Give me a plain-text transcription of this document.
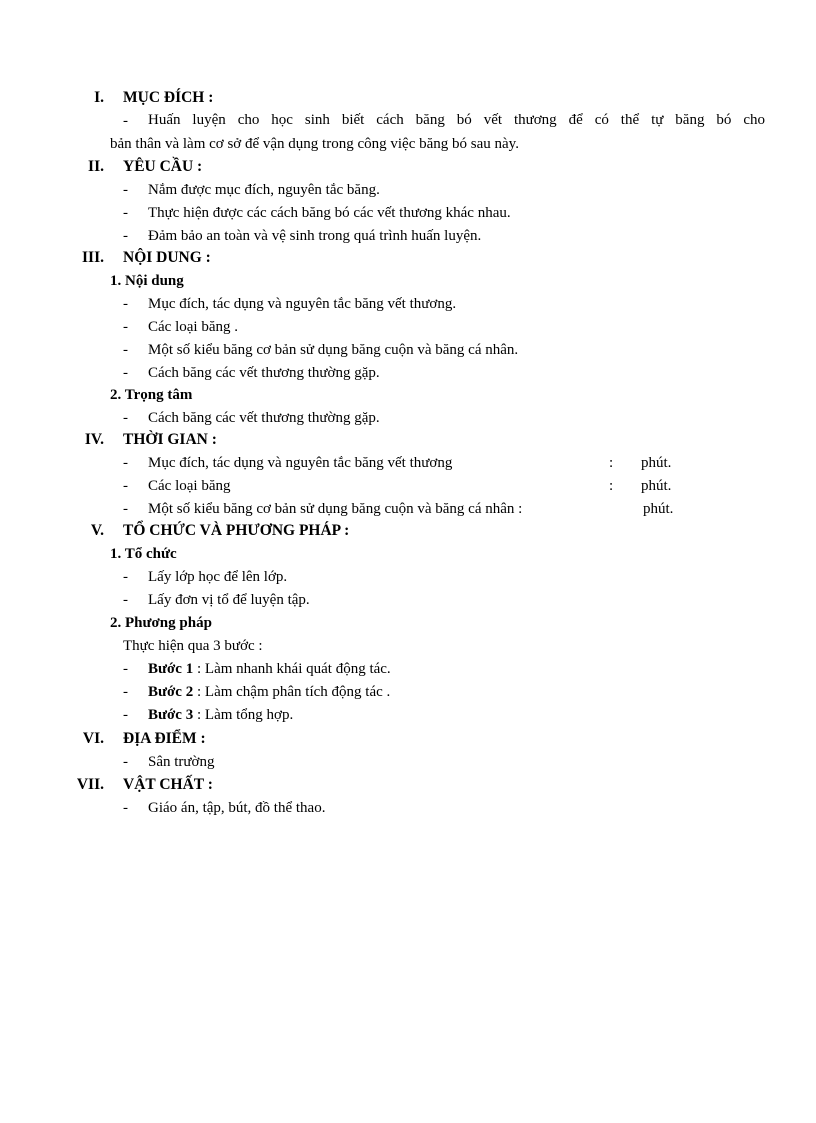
I. MỤC ĐÍCH :
- Huấn luyện cho học sinh biết cách băng bó vết thương để có thể tự băng bó cho
bản thân và làm cơ sở để vận dụng trong công việc băng bó sau này.
II. YÊU CẦU :
- Nắm được mục đích, nguyên tắc băng.
- Thực hiện được các cách băng bó các vết thương khác nhau.
- Đảm bảo an toàn và vệ sinh trong quá trình huấn luyện.
III. NỘI DUNG :
1. Nội dung
- Mục đích, tác dụng và nguyên tắc băng vết thương.
- Các loại băng .
- Một số kiểu băng cơ bản sử dụng băng cuộn và băng cá nhân.
- Cách băng các vết thương thường gặp.
2. Trọng tâm
- Cách băng các vết thương thường gặp.
IV. THỜI GIAN :
- Mục đích, tác dụng và nguyên tắc băng vết thương	: phút.
- Các loại băng	: phút.
- Một số kiểu băng cơ bản sử dụng băng cuộn và băng cá nhân :	phút.
V. TỔ CHỨC VÀ PHƯƠNG PHÁP :
1. Tổ chức
- Lấy lớp học để lên lớp.
- Lấy đơn vị tổ để luyện tập.
2. Phương pháp
Thực hiện qua 3 bước :
- Bước 1 : Làm nhanh khái quát động tác.
- Bước 2 : Làm chậm phân tích động tác .
- Bước 3 : Làm tổng hợp.
VI. ĐỊA ĐIỂM :
- Sân trường
VII. VẬT CHẤT :
- Giáo án, tập, bút, đồ thể thao.
